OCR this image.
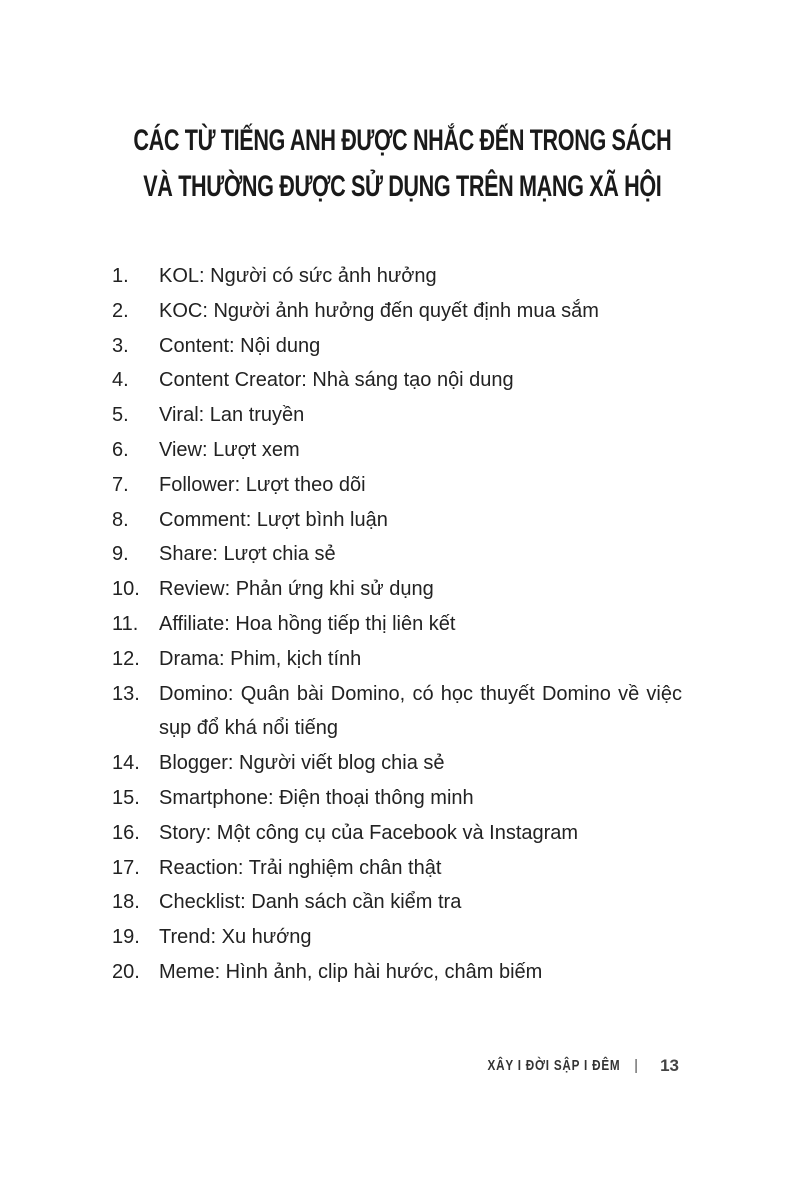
CÁC TỪ TIẾNG ANH ĐƯỢC NHẮC ĐẾN TRONG SÁCH
VÀ THƯỜNG ĐƯỢC SỬ DỤNG TRÊN MẠNG XÃ HỘI
1.	KOL: Người có sức ảnh hưởng
2.	KOC: Người ảnh hưởng đến quyết định mua sắm
3.	Content: Nội dung
4.	Content Creator: Nhà sáng tạo nội dung
5.	Viral: Lan truyền
6.	View: Lượt xem
7.	Follower: Lượt theo dõi
8.	Comment: Lượt bình luận
9.	Share: Lượt chia sẻ
10. Review: Phản ứng khi sử dụng
11.	Affiliate: Hoa hồng tiếp thị liên kết
12. Drama: Phim, kịch tính
13. Domino: Quân bài Domino, có học thuyết Domino về việc sụp đổ khá nổi tiếng
14. Blogger: Người viết blog chia sẻ
15. Smartphone: Điện thoại thông minh
16. Story: Một công cụ của Facebook và Instagram
17. Reaction: Trải nghiệm chân thật
18. Checklist: Danh sách cần kiểm tra
19. Trend: Xu hướng
20. Meme: Hình ảnh, clip hài hước, châm biếm
XÂY I ĐỜI SẬP I ĐÊM | 13
